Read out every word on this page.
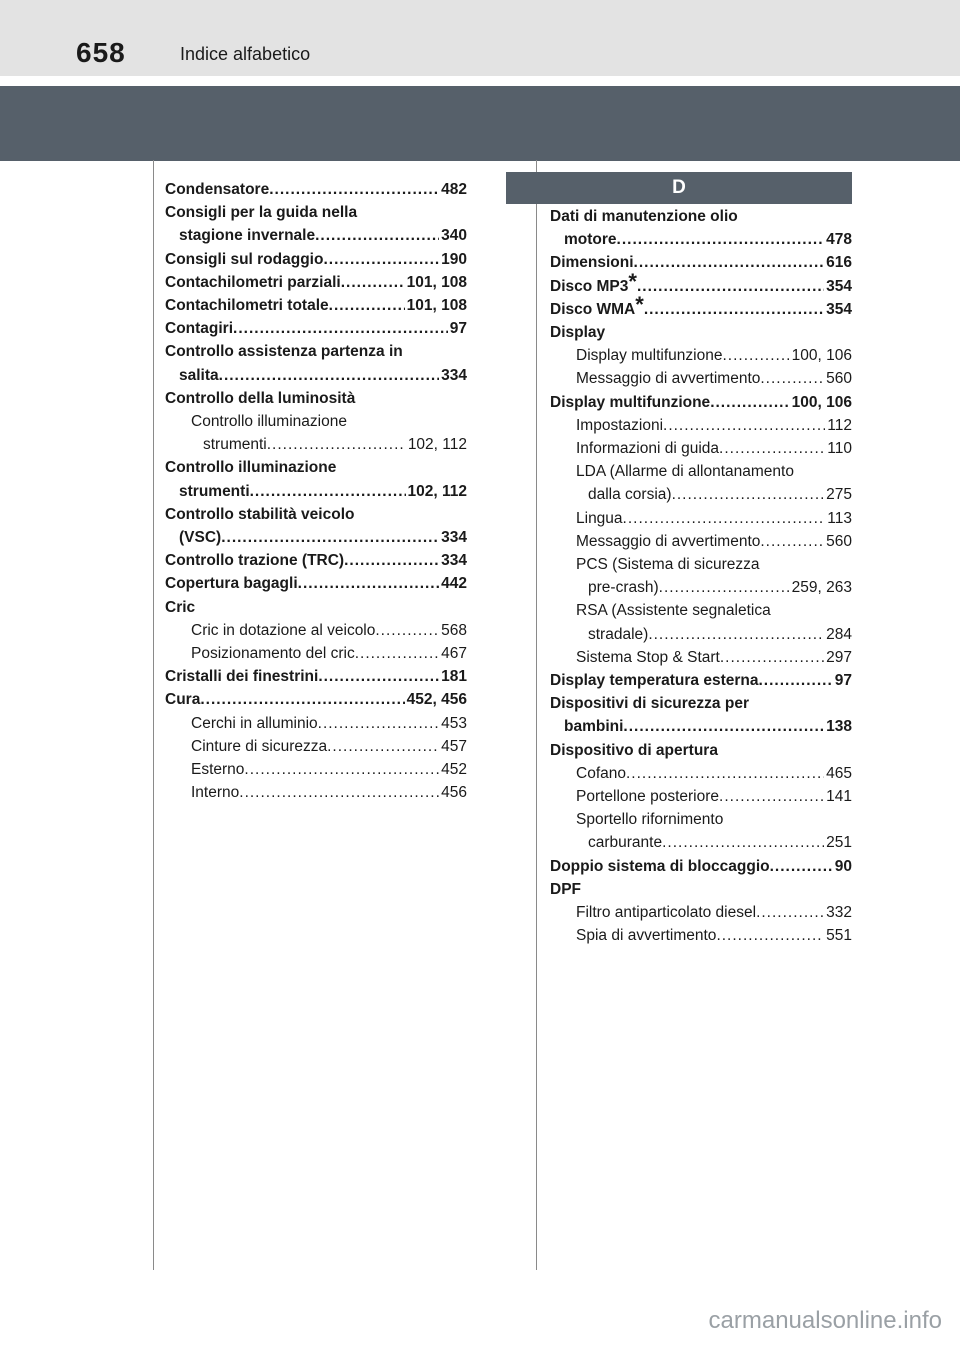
658	Indice alfabetico
Condensatore .....	482
Consigli per la guida nella
stagione invernale .....	340
Consigli sul rodaggio .....	190
Contachilometri parziali .....	101, 108
Contachilometri totale .....	101, 108
Contagiri .....	97
Controllo assistenza partenza in
salita .....	334
Controllo della luminosità
Controllo illuminazione
strumenti .....	102, 112
Controllo illuminazione
strumenti .....	102, 112
Controllo stabilità veicolo
(VSC) .....	334
Controllo trazione (TRC) .....	334
Copertura bagagli .....	442
Cric
Cric in dotazione al veicolo .....	568
Posizionamento del cric .....	467
Cristalli dei finestrini .....	181
Cura .....	452, 456
Cerchi in alluminio .....	453
Cinture di sicurezza .....	457
Esterno .....	452
Interno .....	456
D
Dati di manutenzione olio
motore .....	478
Dimensioni .....	616
Disco MP3* .....	354
Disco WMA* .....	354
Display
Display multifunzione .....	100, 106
Messaggio di avvertimento .....	560
Display multifunzione .....	100, 106
Impostazioni .....	112
Informazioni di guida .....	110
LDA (Allarme di allontanamento
dalla corsia) .....	275
Lingua .....	113
Messaggio di avvertimento .....	560
PCS (Sistema di sicurezza
pre-crash) .....	259, 263
RSA (Assistente segnaletica
stradale) .....	284
Sistema Stop & Start .....	297
Display temperatura esterna .....	97
Dispositivi di sicurezza per
bambini .....	138
Dispositivo di apertura
Cofano .....	465
Portellone posteriore .....	141
Sportello rifornimento
carburante .....	251
Doppio sistema di bloccaggio .....	90
DPF
Filtro antiparticolato diesel .....	332
Spia di avvertimento .....	551
carmanualsonline.info
